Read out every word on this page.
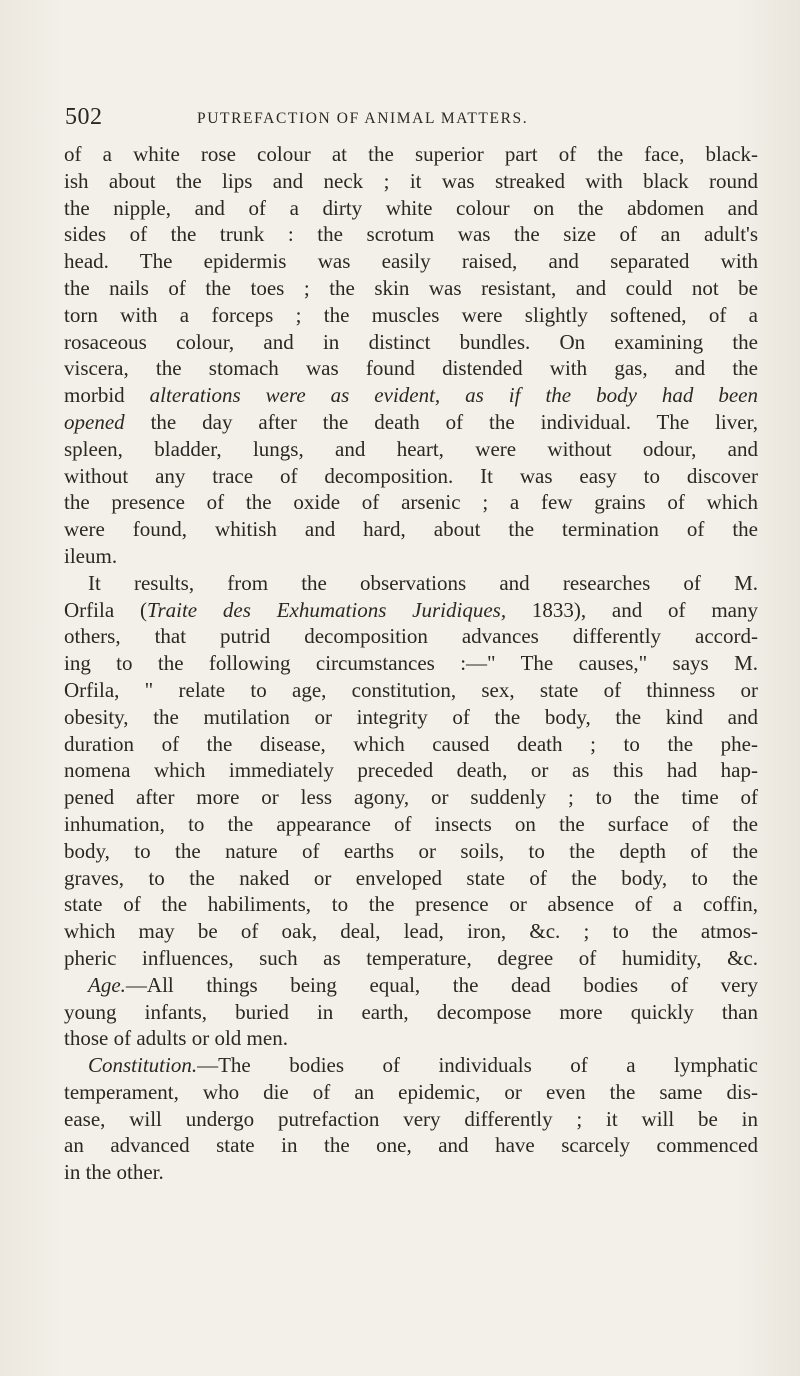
502	PUTREFACTION OF ANIMAL MATTERS.
of a white rose colour at the superior part of the face, black-
ish about the lips and neck ; it was streaked with black round
the nipple, and of a dirty white colour on the abdomen and
sides of the trunk : the scrotum was the size of an adult's
head. The epidermis was easily raised, and separated with
the nails of the toes ; the skin was resistant, and could not be
torn with a forceps ; the muscles were slightly softened, of a
rosaceous colour, and in distinct bundles. On examining the
viscera, the stomach was found distended with gas, and the
morbid alterations were as evident, as if the body had been
opened the day after the death of the individual. The liver,
spleen, bladder, lungs, and heart, were without odour, and
without any trace of decomposition. It was easy to discover
the presence of the oxide of arsenic ; a few grains of which
were found, whitish and hard, about the termination of the
ileum.
It results, from the observations and researches of M.
Orfila (Traite des Exhumations Juridiques, 1833), and of many
others, that putrid decomposition advances differently accord-
ing to the following circumstances :—" The causes," says M.
Orfila, " relate to age, constitution, sex, state of thinness or
obesity, the mutilation or integrity of the body, the kind and
duration of the disease, which caused death ; to the phe-
nomena which immediately preceded death, or as this had hap-
pened after more or less agony, or suddenly ; to the time of
inhumation, to the appearance of insects on the surface of the
body, to the nature of earths or soils, to the depth of the
graves, to the naked or enveloped state of the body, to the
state of the habiliments, to the presence or absence of a coffin,
which may be of oak, deal, lead, iron, &c. ; to the atmos-
pheric influences, such as temperature, degree of humidity, &c.
Age.—All things being equal, the dead bodies of very
young infants, buried in earth, decompose more quickly than
those of adults or old men.
Constitution.—The bodies of individuals of a lymphatic
temperament, who die of an epidemic, or even the same dis-
ease, will undergo putrefaction very differently ; it will be in
an advanced state in the one, and have scarcely commenced
in the other.
